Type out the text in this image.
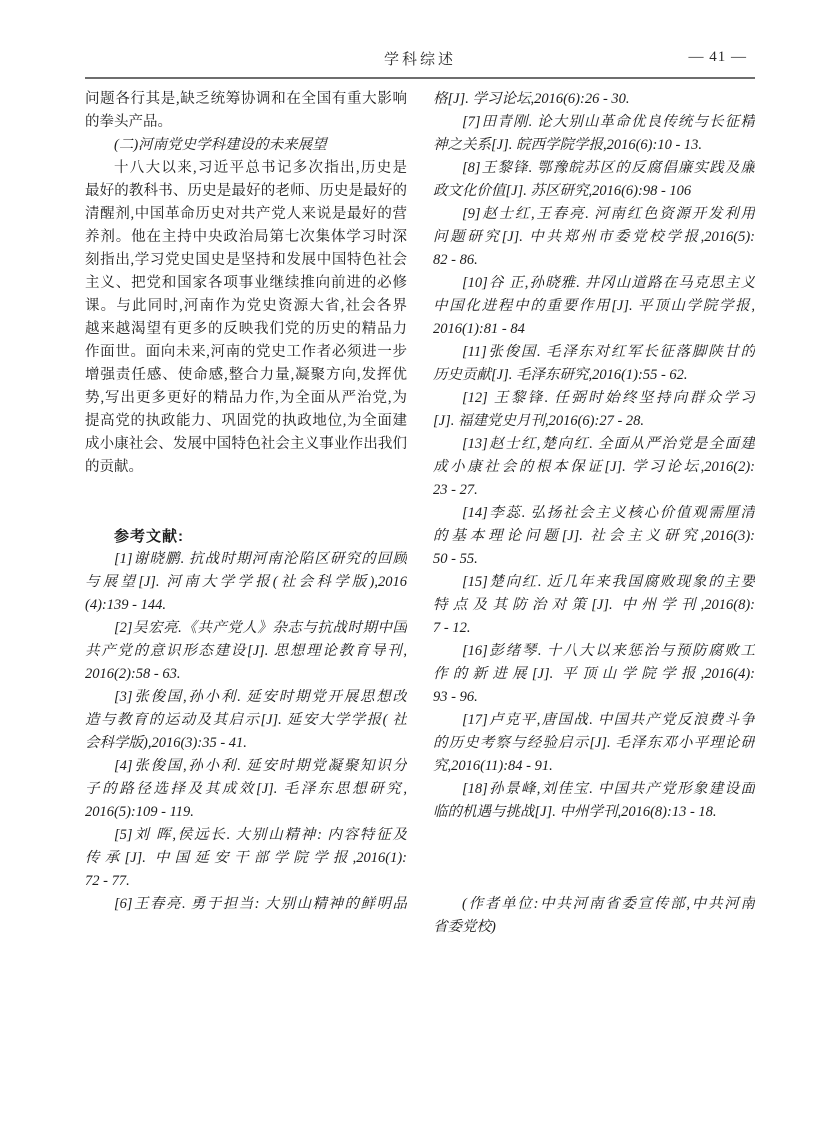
学科综述	— 41 —
问题各行其是,缺乏统筹协调和在全国有重大影响
的拳头产品。
(二)河南党史学科建设的未来展望
十八大以来,习近平总书记多次指出,历史是
最好的教科书、历史是最好的老师、历史是最好的
清醒剂,中国革命历史对共产党人来说是最好的营
养剂。他在主持中央政治局第七次集体学习时深
刻指出,学习党史国史是坚持和发展中国特色社会
主义、把党和国家各项事业继续推向前进的必修
课。与此同时,河南作为党史资源大省,社会各界
越来越渴望有更多的反映我们党的历史的精品力
作面世。面向未来,河南的党史工作者必须进一步
增强责任感、使命感,整合力量,凝聚方向,发挥优
势,写出更多更好的精品力作,为全面从严治党,为
提高党的执政能力、巩固党的执政地位,为全面建
成小康社会、发展中国特色社会主义事业作出我们
的贡献。
参考文献:
[1]谢晓鹏. 抗战时期河南沦陷区研究的回顾
与展望[J]. 河南大学学报(社会科学版),2016
(4):139 - 144.
[2]吴宏亮.《共产党人》杂志与抗战时期中国
共产党的意识形态建设[J]. 思想理论教育导刊,
2016(2):58 - 63.
[3]张俊国,孙小利. 延安时期党开展思想改
造与教育的运动及其启示[J]. 延安大学学报( 社
会科学版),2016(3):35 - 41.
[4]张俊国,孙小利. 延安时期党凝聚知识分
子的路径选择及其成效[J]. 毛泽东思想研究,
2016(5):109 - 119.
[5]刘 晖,侯远长. 大别山精神: 内容特征及
传承[J]. 中国延安干部学院学报,2016(1):
72 - 77.
[6]王春亮. 勇于担当: 大别山精神的鲜明品
格[J]. 学习论坛,2016(6):26 - 30.
[7]田青刚. 论大别山革命优良传统与长征精
神之关系[J]. 皖西学院学报,2016(6):10 - 13.
[8]王黎锋. 鄂豫皖苏区的反腐倡廉实践及廉
政文化价值[J]. 苏区研究,2016(6):98 - 106
[9]赵士红,王春亮. 河南红色资源开发利用
问题研究[J]. 中共郑州市委党校学报,2016(5):
82 - 86.
[10]谷 正,孙晓雅. 井冈山道路在马克思主义
中国化进程中的重要作用[J]. 平顶山学院学报,
2016(1):81 - 84
[11]张俊国. 毛泽东对红军长征落脚陕甘的
历史贡献[J]. 毛泽东研究,2016(1):55 - 62.
[12] 王黎锋. 任弼时始终坚持向群众学习
[J]. 福建党史月刊,2016(6):27 - 28.
[13]赵士红,楚向红. 全面从严治党是全面建
成小康社会的根本保证[J]. 学习论坛,2016(2):
23 - 27.
[14]李蕊. 弘扬社会主义核心价值观需厘清
的基本理论问题[J]. 社会主义研究,2016(3):
50 - 55.
[15]楚向红. 近几年来我国腐败现象的主要
特点及其防治对策[J]. 中州学刊,2016(8):
7 - 12.
[16]彭绪琴. 十八大以来惩治与预防腐败工
作的新进展[J]. 平顶山学院学报,2016(4):
93 - 96.
[17]卢克平,唐国战. 中国共产党反浪费斗争
的历史考察与经验启示[J]. 毛泽东邓小平理论研
究,2016(11):84 - 91.
[18]孙景峰,刘佳宝. 中国共产党形象建设面
临的机遇与挑战[J]. 中州学刊,2016(8):13 - 18.
(作者单位:中共河南省委宣传部,中共河南
省委党校)
